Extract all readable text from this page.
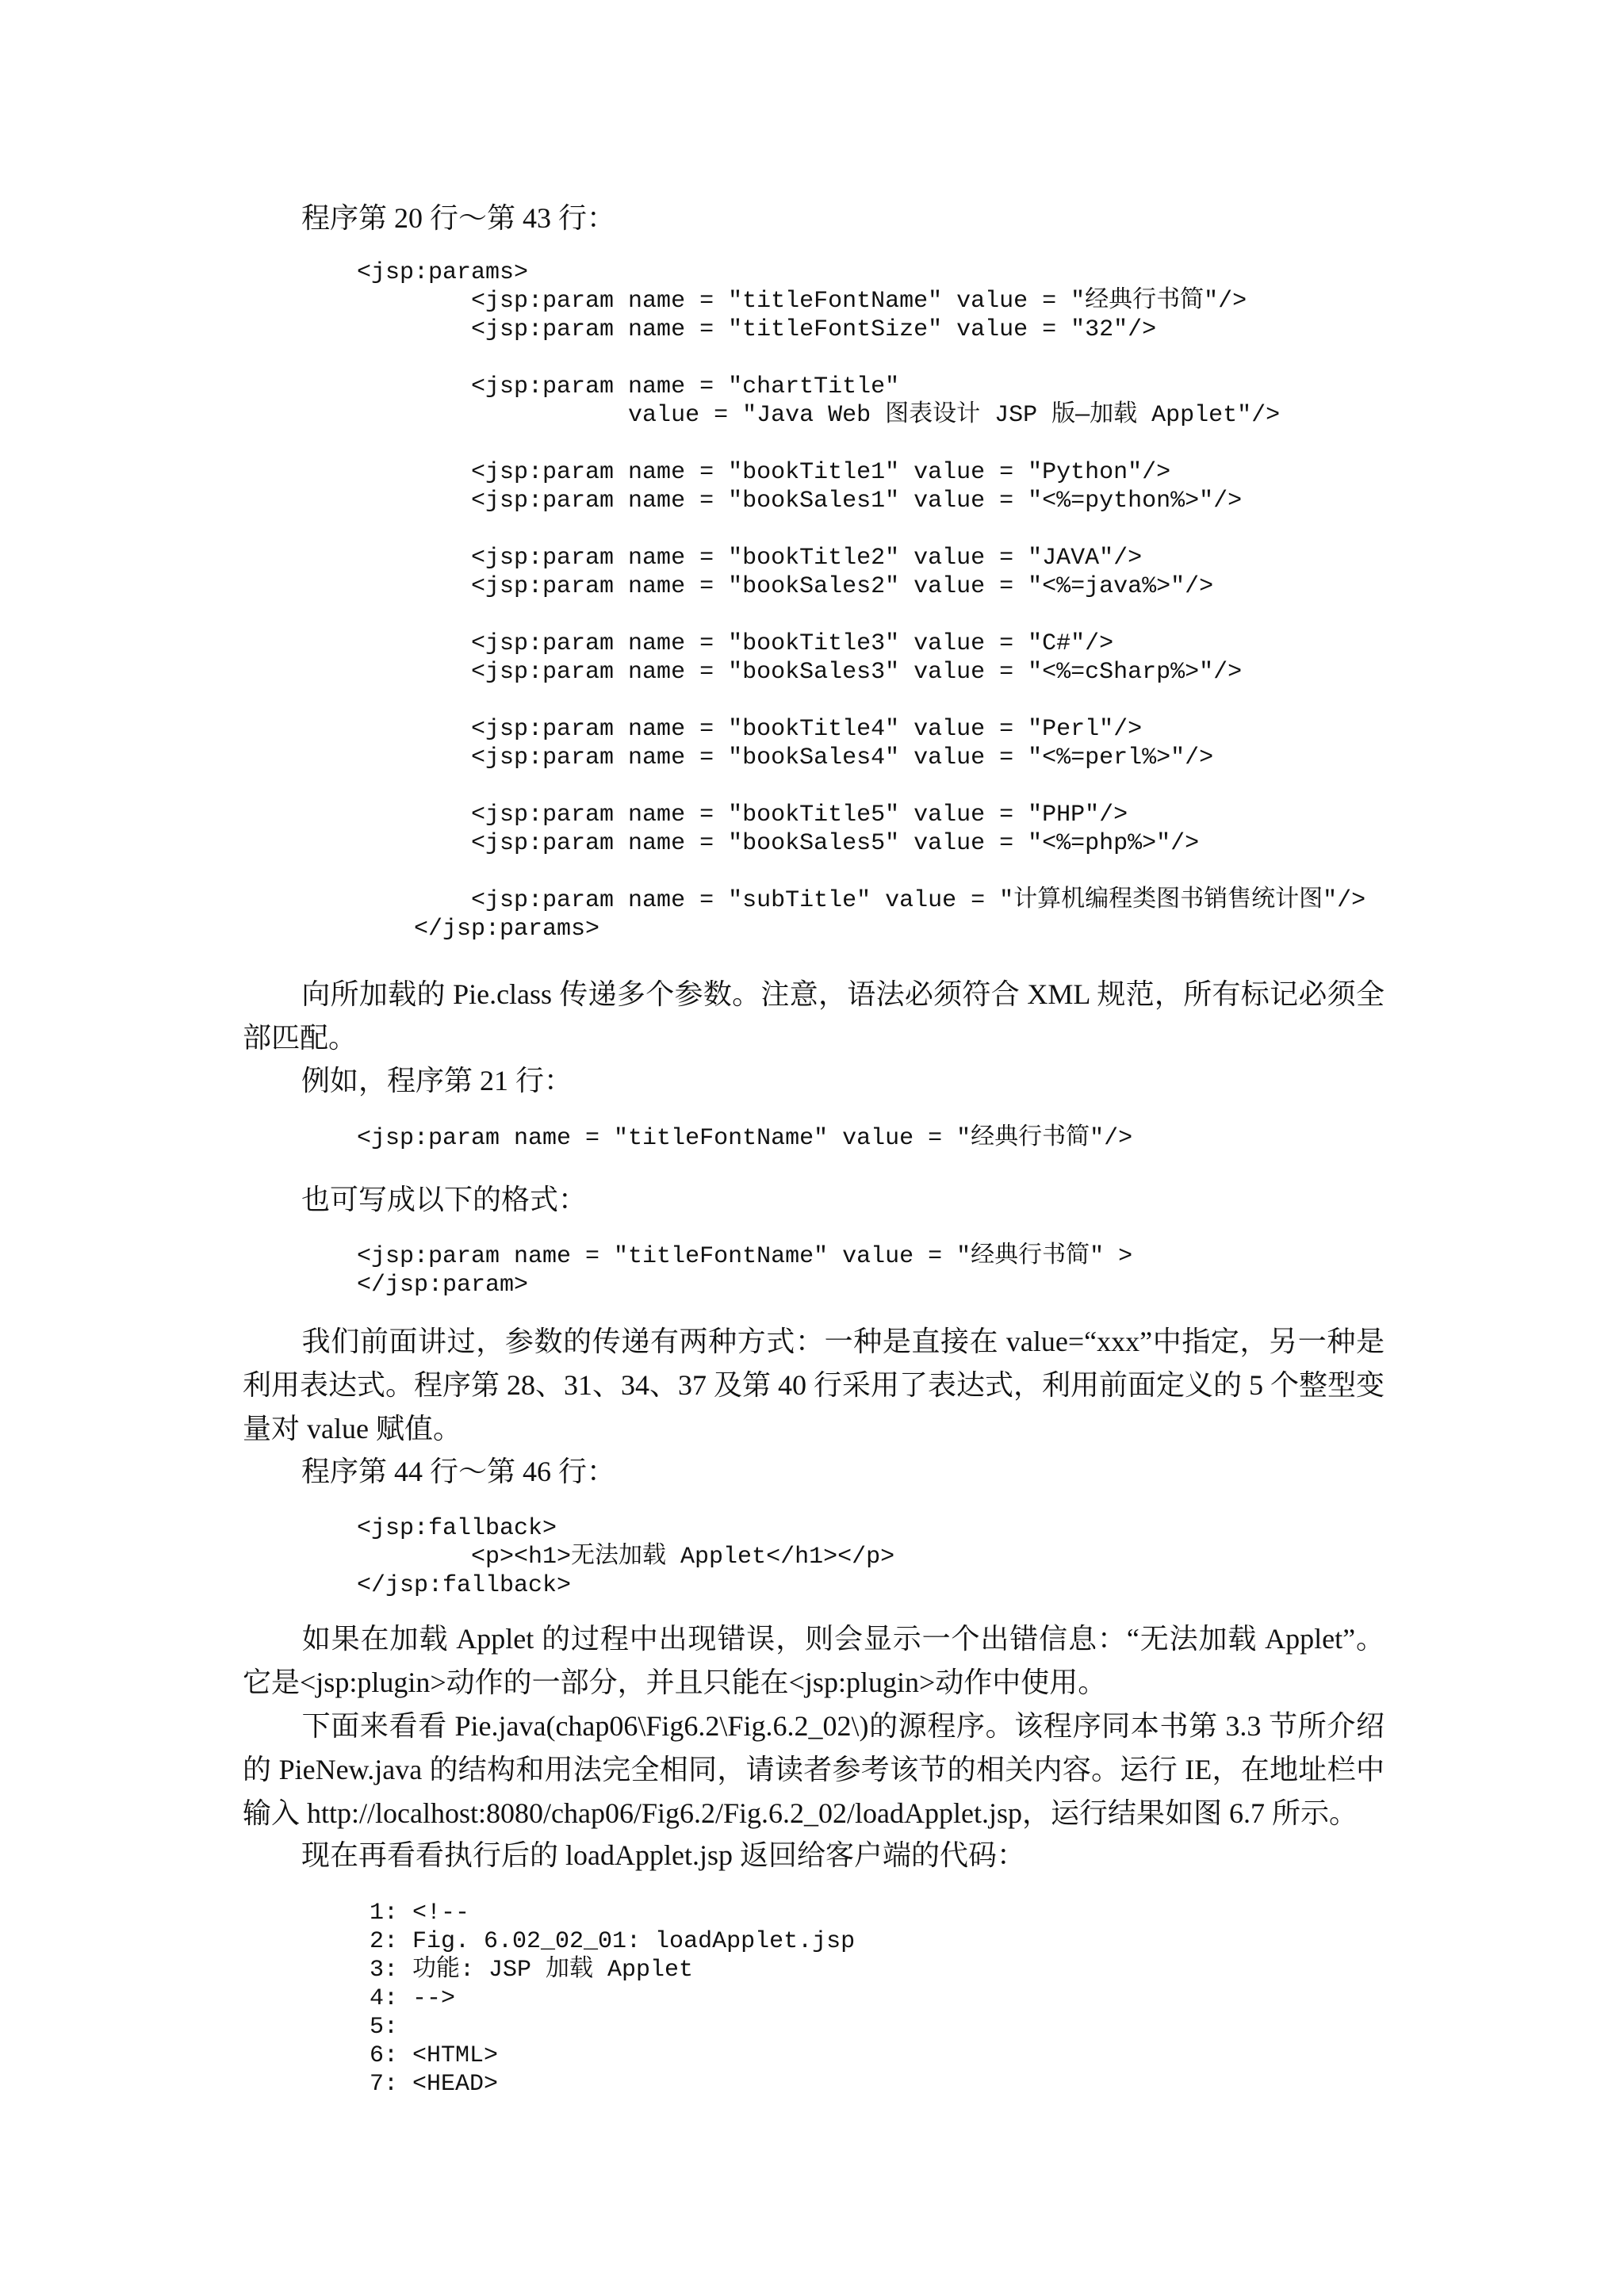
程序第 20 行～第 43 行：

<jsp:params>
<jsp:param name = "titleFontName" value = "经典行书简"/>
<jsp:param name = "titleFontSize" value = "32"/>
<jsp:param name = "chartTitle"
value = "Java Web 图表设计 JSP 版—加载 Applet"/>
<jsp:param name = "bookTitle1" value = "Python"/>
<jsp:param name = "bookSales1" value = "<%=python%>"/>
<jsp:param name = "bookTitle2" value = "JAVA"/>
<jsp:param name = "bookSales2" value = "<%=java%>"/>
<jsp:param name = "bookTitle3" value = "C#"/>
<jsp:param name = "bookSales3" value = "<%=cSharp%>"/>
<jsp:param name = "bookTitle4" value = "Perl"/>
<jsp:param name = "bookSales4" value = "<%=perl%>"/>
<jsp:param name = "bookTitle5" value = "PHP"/>
<jsp:param name = "bookSales5" value = "<%=php%>"/>
<jsp:param name = "subTitle" value = "计算机编程类图书销售统计图"/>
</jsp:params>

向所加载的 Pie.class 传递多个参数。注意，语法必须符合 XML 规范，所有标记必须全部匹配。

例如，程序第 21 行：

<jsp:param name = "titleFontName" value = "经典行书简"/>

也可写成以下的格式：

<jsp:param name = "titleFontName" value = "经典行书简" >
</jsp:param>

我们前面讲过，参数的传递有两种方式：一种是直接在 value=“xxx”中指定，另一种是利用表达式。程序第 28、31、34、37 及第 40 行采用了表达式，利用前面定义的 5 个整型变量对 value 赋值。

程序第 44 行～第 46 行：

<jsp:fallback>
<p><h1>无法加载 Applet</h1></p>
</jsp:fallback>

如果在加载 Applet 的过程中出现错误，则会显示一个出错信息：“无法加载 Applet”。它是<jsp:plugin>动作的一部分，并且只能在<jsp:plugin>动作中使用。

下面来看看 Pie.java(chap06\Fig6.2\Fig.6.2_02\)的源程序。该程序同本书第 3.3 节所介绍的 PieNew.java 的结构和用法完全相同，请读者参考该节的相关内容。运行 IE，在地址栏中输入 http://localhost:8080/chap06/Fig6.2/Fig.6.2_02/loadApplet.jsp，运行结果如图 6.7 所示。

现在再看看执行后的 loadApplet.jsp 返回给客户端的代码：

1: <!--
2: Fig. 6.02_02_01: loadApplet.jsp
3: 功能: JSP 加载 Applet
4: -->
5:
6: <HTML>
7: <HEAD>
